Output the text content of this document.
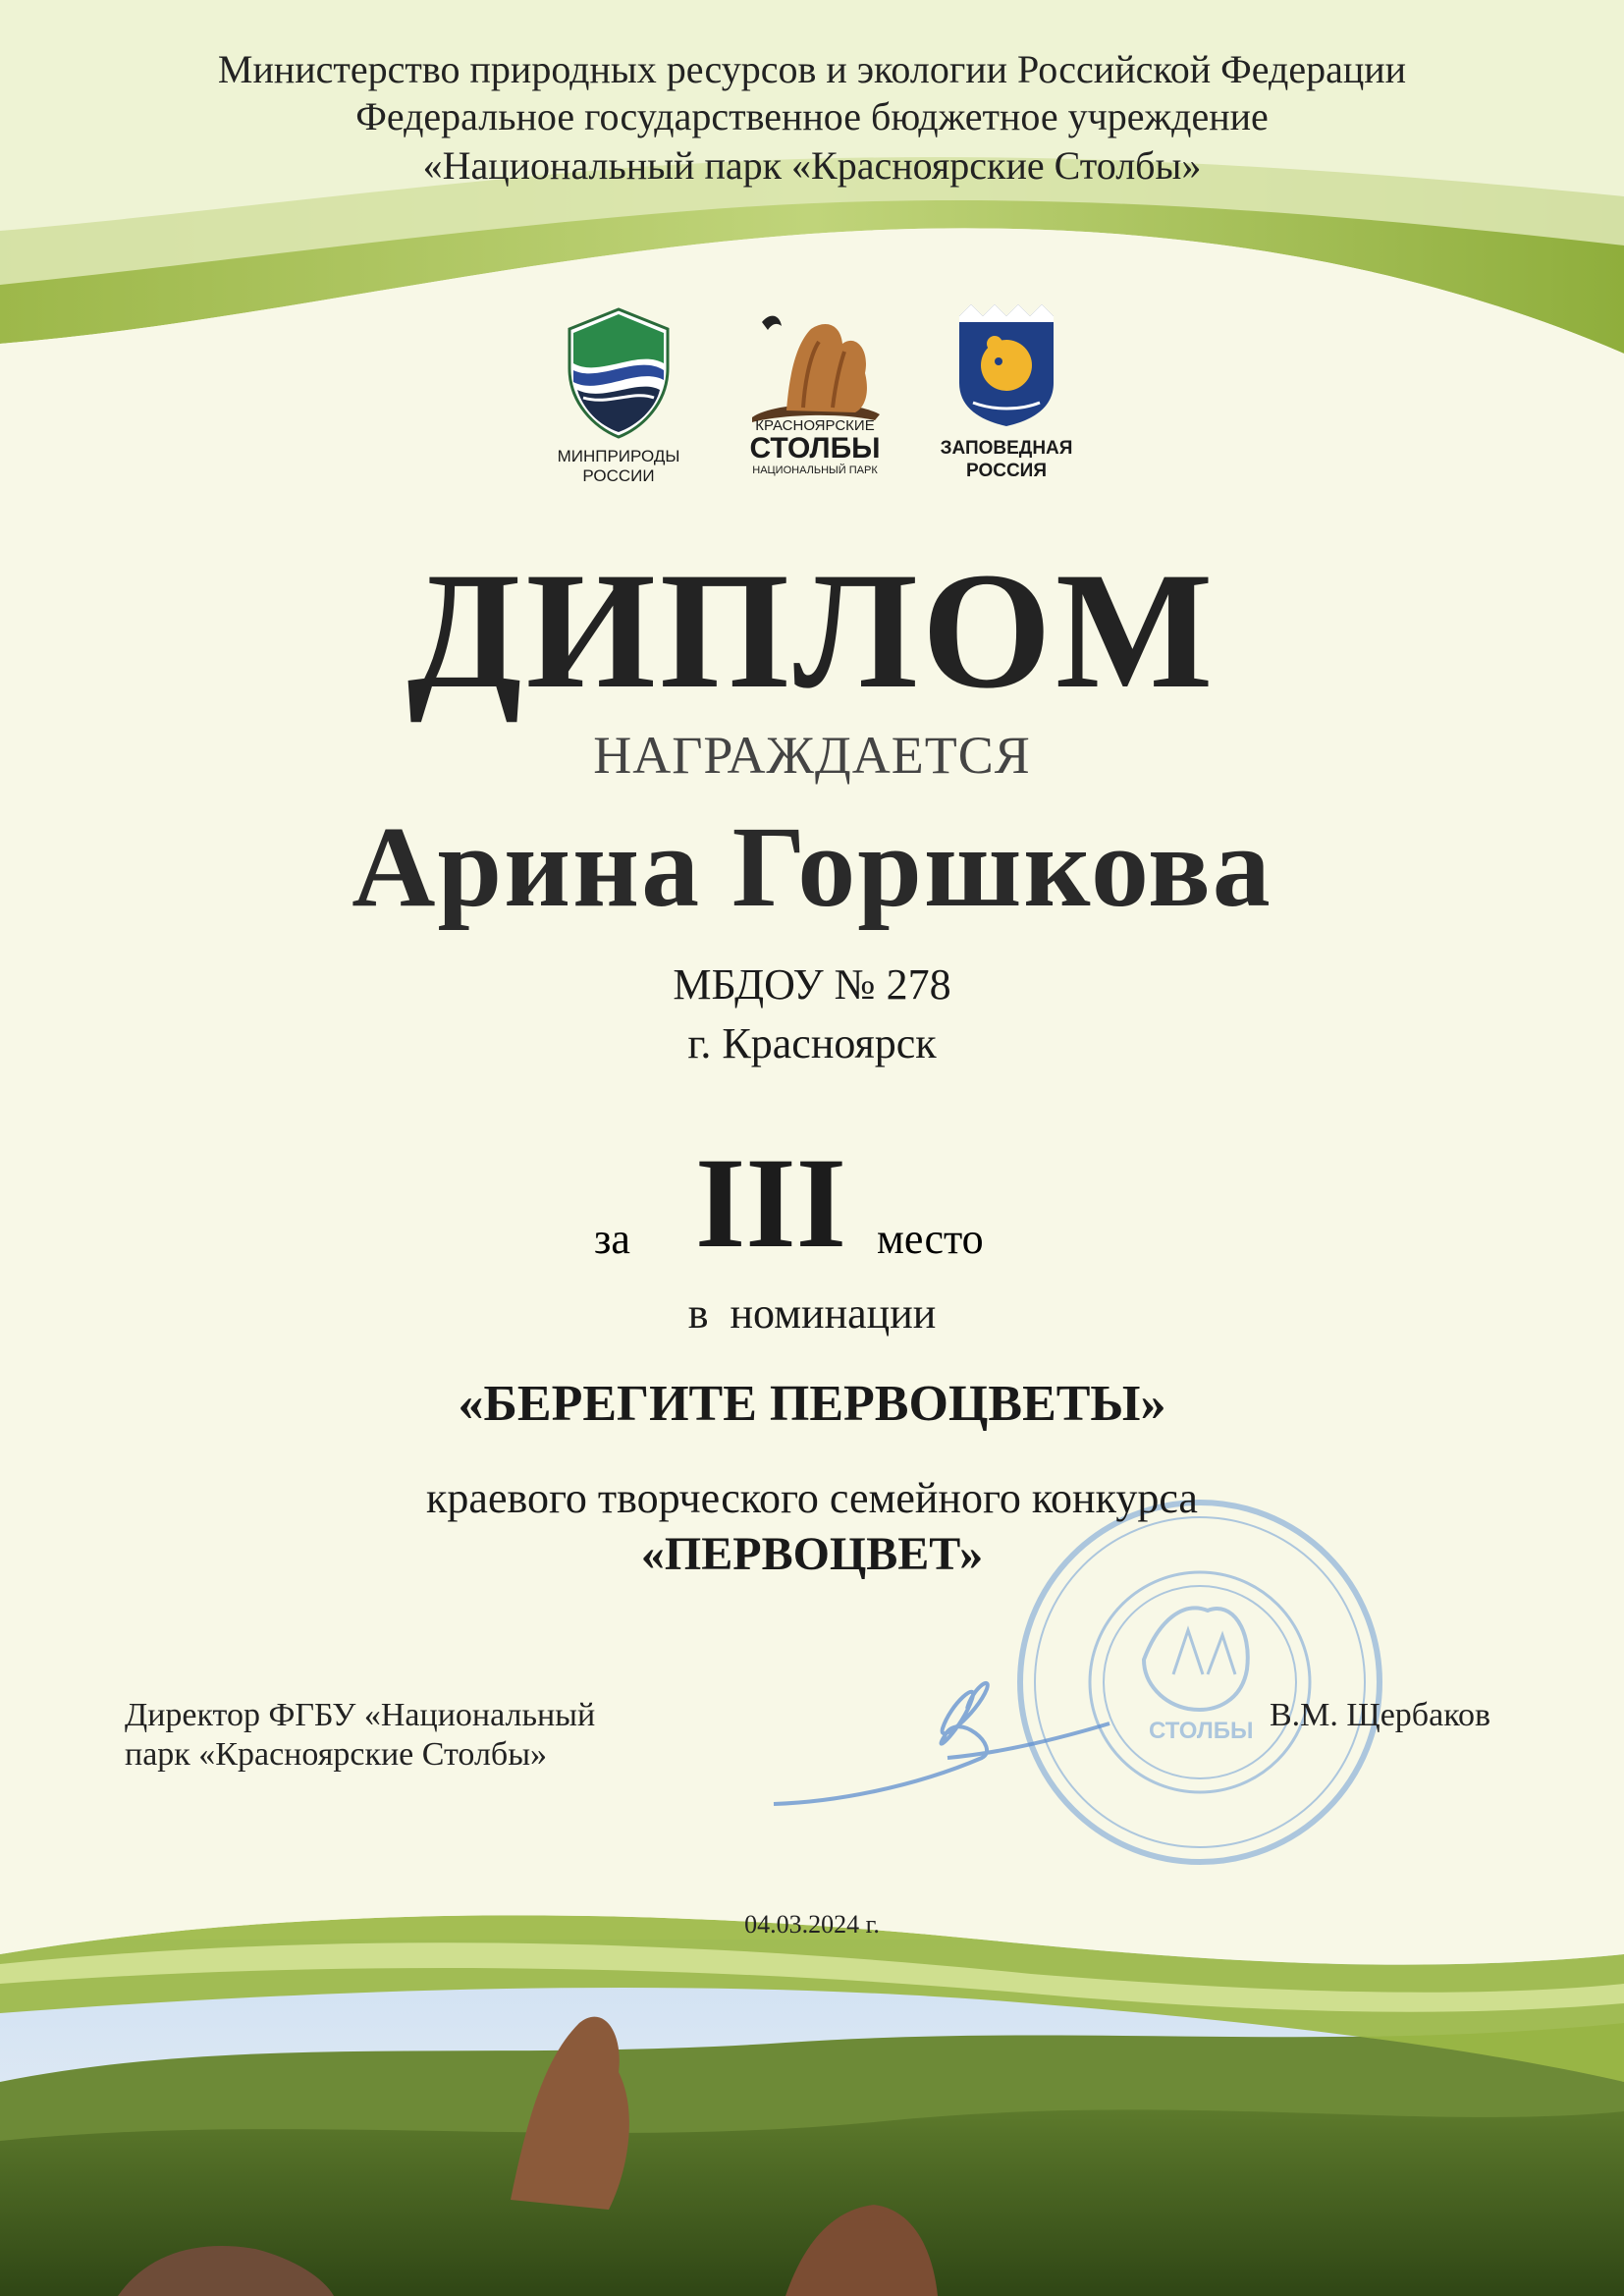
СТОЛБЫ
Министерство природных ресурсов и экологии Российской Федерации
Федеральное государственное бюджетное учреждение
«Национальный парк «Красноярские Столбы»
МИНПРИРОДЫ
РОССИИ
КРАСНОЯРСКИЕ
СТОЛБЫ
НАЦИОНАЛЬНЫЙ ПАРК
ЗАПОВЕДНАЯ
РОССИЯ
ДИПЛОМ
НАГРАЖДАЕТСЯ
Арина Горшкова
МБДОУ № 278
г. Красноярск
за III место
в  номинации
«БЕРЕГИТЕ ПЕРВОЦВЕТЫ»
краевого творческого семейного конкурса
«ПЕРВОЦВЕТ»
Директор ФГБУ «Национальный
парк «Красноярские Столбы»
В.М. Щербаков
04.03.2024 г.
